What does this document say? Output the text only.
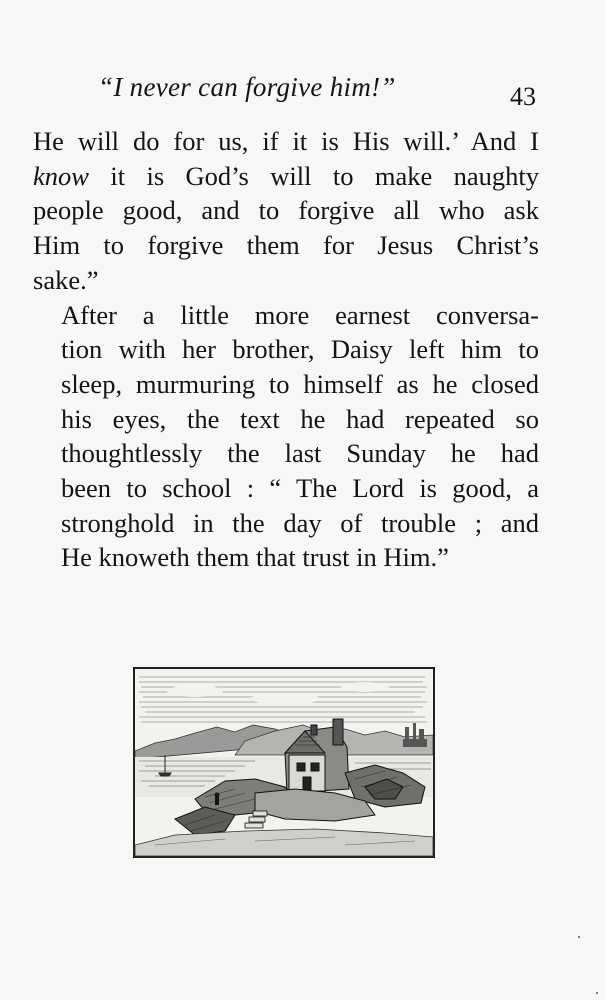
“I never can forgive him!”	43

He will do for us, if it is His will.’ And I
know it is God’s will to make naughty
people good, and to forgive all who ask
Him to forgive them for Jesus Christ’s
sake.”

After a little more earnest conversa-
tion with her brother, Daisy left him to
sleep, murmuring to himself as he closed
his eyes, the text he had repeated so
thoughtlessly the last Sunday he had
been to school : “ The Lord is good, a
stronghold in the day of trouble ; and
He knoweth them that trust in Him.”
